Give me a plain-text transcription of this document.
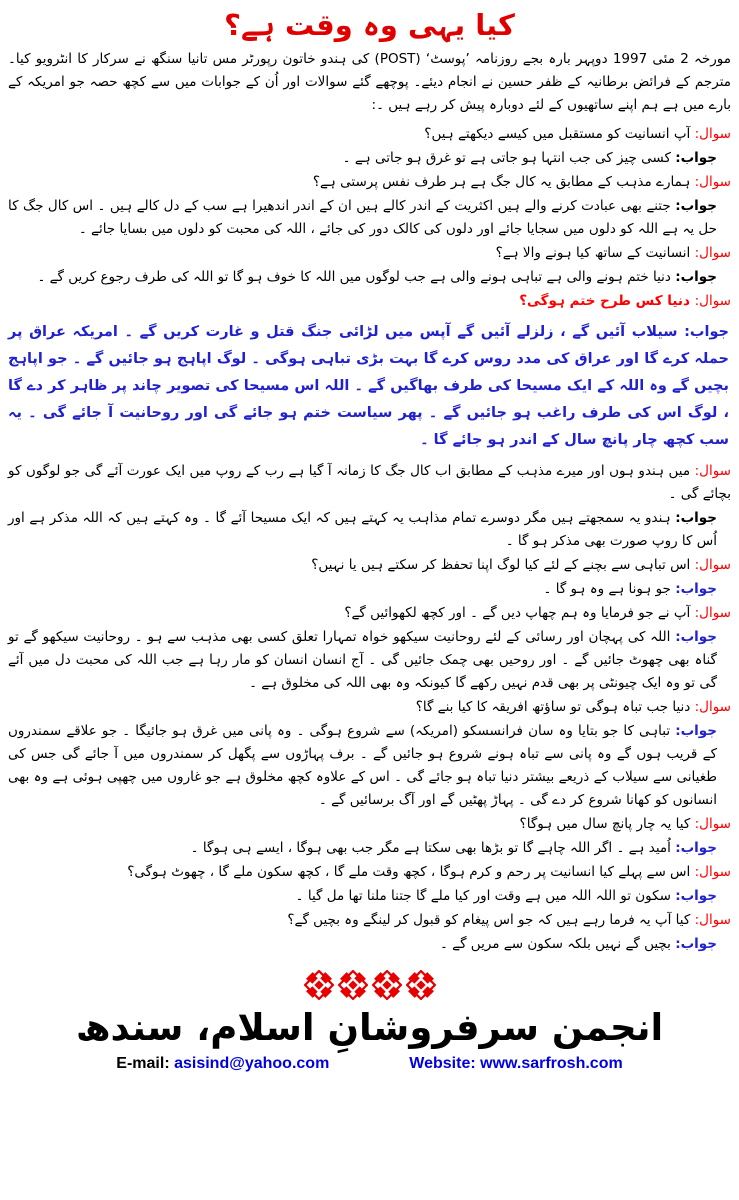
کیا یہی وہ وقت ہے؟

مورخہ 2 مئی 1997 دوپہر بارہ بجے روزنامہ ’پوسٹ‘ (POST) کی ہندو خاتون رپورٹر مس تانیا سنگھ نے سرکار کا انٹرویو کیا۔ مترجم کے فرائض برطانیہ کے ظفر حسین نے انجام دیئے۔ پوچھے گئے سوالات اور اُن کے جوابات میں سے کچھ حصہ جو امریکہ کے بارے میں ہے ہم اپنے ساتھیوں کے لئے دوبارہ پیش کر رہے ہیں ۔:

سوال: آپ انسانیت کو مستقبل میں کیسے دیکھتے ہیں؟

جواب: کسی چیز کی جب انتہا ہو جاتی ہے تو غرق ہو جاتی ہے ۔

سوال: ہمارے مذہب کے مطابق یہ کال جگ ہے ہر طرف نفس پرستی ہے؟

جواب: جتنے بھی عبادت کرنے والے ہیں اکثریت کے اندر کالے ہیں ان کے اندر اندھیرا ہے سب کے دل کالے ہیں ۔ اس کال جگ کا حل یہ ہے اللہ کو دلوں میں سجایا جائے اور دلوں کی کالک دور کی جائے ، اللہ کی محبت کو دلوں میں بسایا جائے ۔

سوال: انسانیت کے ساتھ کیا ہونے والا ہے؟

جواب: دنیا ختم ہونے والی ہے تباہی ہونے والی ہے جب لوگوں میں اللہ کا خوف ہو گا تو اللہ کی طرف رجوع کریں گے ۔

سوال: دنیا کس طرح ختم ہوگی؟

جواب: سیلاب آئیں گے ، زلزلے آئیں گے آپس میں لڑائی جنگ قتل و غارت کریں گے ۔ امریکہ عراق پر حملہ کرے گا اور عراق کی مدد روس کرے گا بہت بڑی تباہی ہوگی ۔ لوگ اپاہج ہو جائیں گے ۔ جو اپاہج بچیں گے وہ اللہ کے ایک مسیحا کی طرف بھاگیں گے ۔ اللہ اس مسیحا کی تصویر چاند پر ظاہر کر دے گا ، لوگ اس کی طرف راغب ہو جائیں گے ۔ پھر سیاست ختم ہو جائے گی اور روحانیت آ جائے گی ۔ یہ سب کچھ چار پانچ سال کے اندر ہو جائے گا ۔

سوال: میں ہندو ہوں اور میرے مذہب کے مطابق اب کال جگ کا زمانہ آ گیا ہے رب کے روپ میں ایک عورت آئے گی جو لوگوں کو بچائے گی ۔

جواب: ہندو یہ سمجھتے ہیں مگر دوسرے تمام مذاہب یہ کہتے ہیں کہ ایک مسیحا آئے گا ۔ وہ کہتے ہیں کہ اللہ مذکر ہے اور اُس کا روپ صورت بھی مذکر ہو گا ۔

سوال: اس تباہی سے بچنے کے لئے کیا لوگ اپنا تحفظ کر سکتے ہیں یا نہیں؟

جواب: جو ہونا ہے وہ ہو گا ۔

سوال: آپ نے جو فرمایا وہ ہم چھاپ دیں گے ۔ اور کچھ لکھوائیں گے؟

جواب: اللہ کی پہچان اور رسائی کے لئے روحانیت سیکھو خواہ تمہارا تعلق کسی بھی مذہب سے ہو ۔ روحانیت سیکھو گے تو گناہ بھی چھوٹ جائیں گے ۔ اور روحیں بھی چمک جائیں گی ۔ آج انسان انسان کو مار رہا ہے جب اللہ کی محبت دل میں آئے گی تو وہ ایک چیونٹی پر بھی قدم نہیں رکھے گا کیونکہ وہ بھی اللہ کی مخلوق ہے ۔

سوال: دنیا جب تباہ ہوگی تو ساؤتھ افریقہ کا کیا بنے گا؟

جواب: تباہی کا جو بتایا وہ سان فرانسسکو (امریکہ) سے شروع ہوگی ۔ وہ پانی میں غرق ہو جائیگا ۔ جو علاقے سمندروں کے قریب ہوں گے وہ پانی سے تباہ ہونے شروع ہو جائیں گے ۔ برف پہاڑوں سے پگھل کر سمندروں میں آ جائے گی جس کی طغیانی سے سیلاب کے ذریعے بیشتر دنیا تباہ ہو جائے گی ۔ اس کے علاوہ کچھ مخلوق ہے جو غاروں میں چھپی ہوئی ہے وہ بھی انسانوں کو کھانا شروع کر دے گی ۔ پہاڑ پھٹیں گے اور آگ برسائیں گے ۔

سوال: کیا یہ چار پانچ سال میں ہوگا؟

جواب: اُمید ہے ۔ اگر اللہ چاہے گا تو بڑھا بھی سکتا ہے مگر جب بھی ہوگا ، ایسے ہی ہوگا ۔

سوال: اس سے پہلے کیا انسانیت پر رحم و کرم ہوگا ، کچھ وقت ملے گا ، کچھ سکون ملے گا ، چھوٹ ہوگی؟

جواب: سکون تو اللہ اللہ میں ہے وقت اور کیا ملے گا جتنا ملنا تھا مل گیا ۔

سوال: کیا آپ یہ فرما رہے ہیں کہ جو اس پیغام کو قبول کر لینگے وہ بچیں گے؟

جواب: بچیں گے نہیں بلکہ سکون سے مریں گے ۔

انجمن سرفروشانِ اسلام، سندھ
E-mail: asisind@yahoo.com	Website: www.sarfrosh.com
